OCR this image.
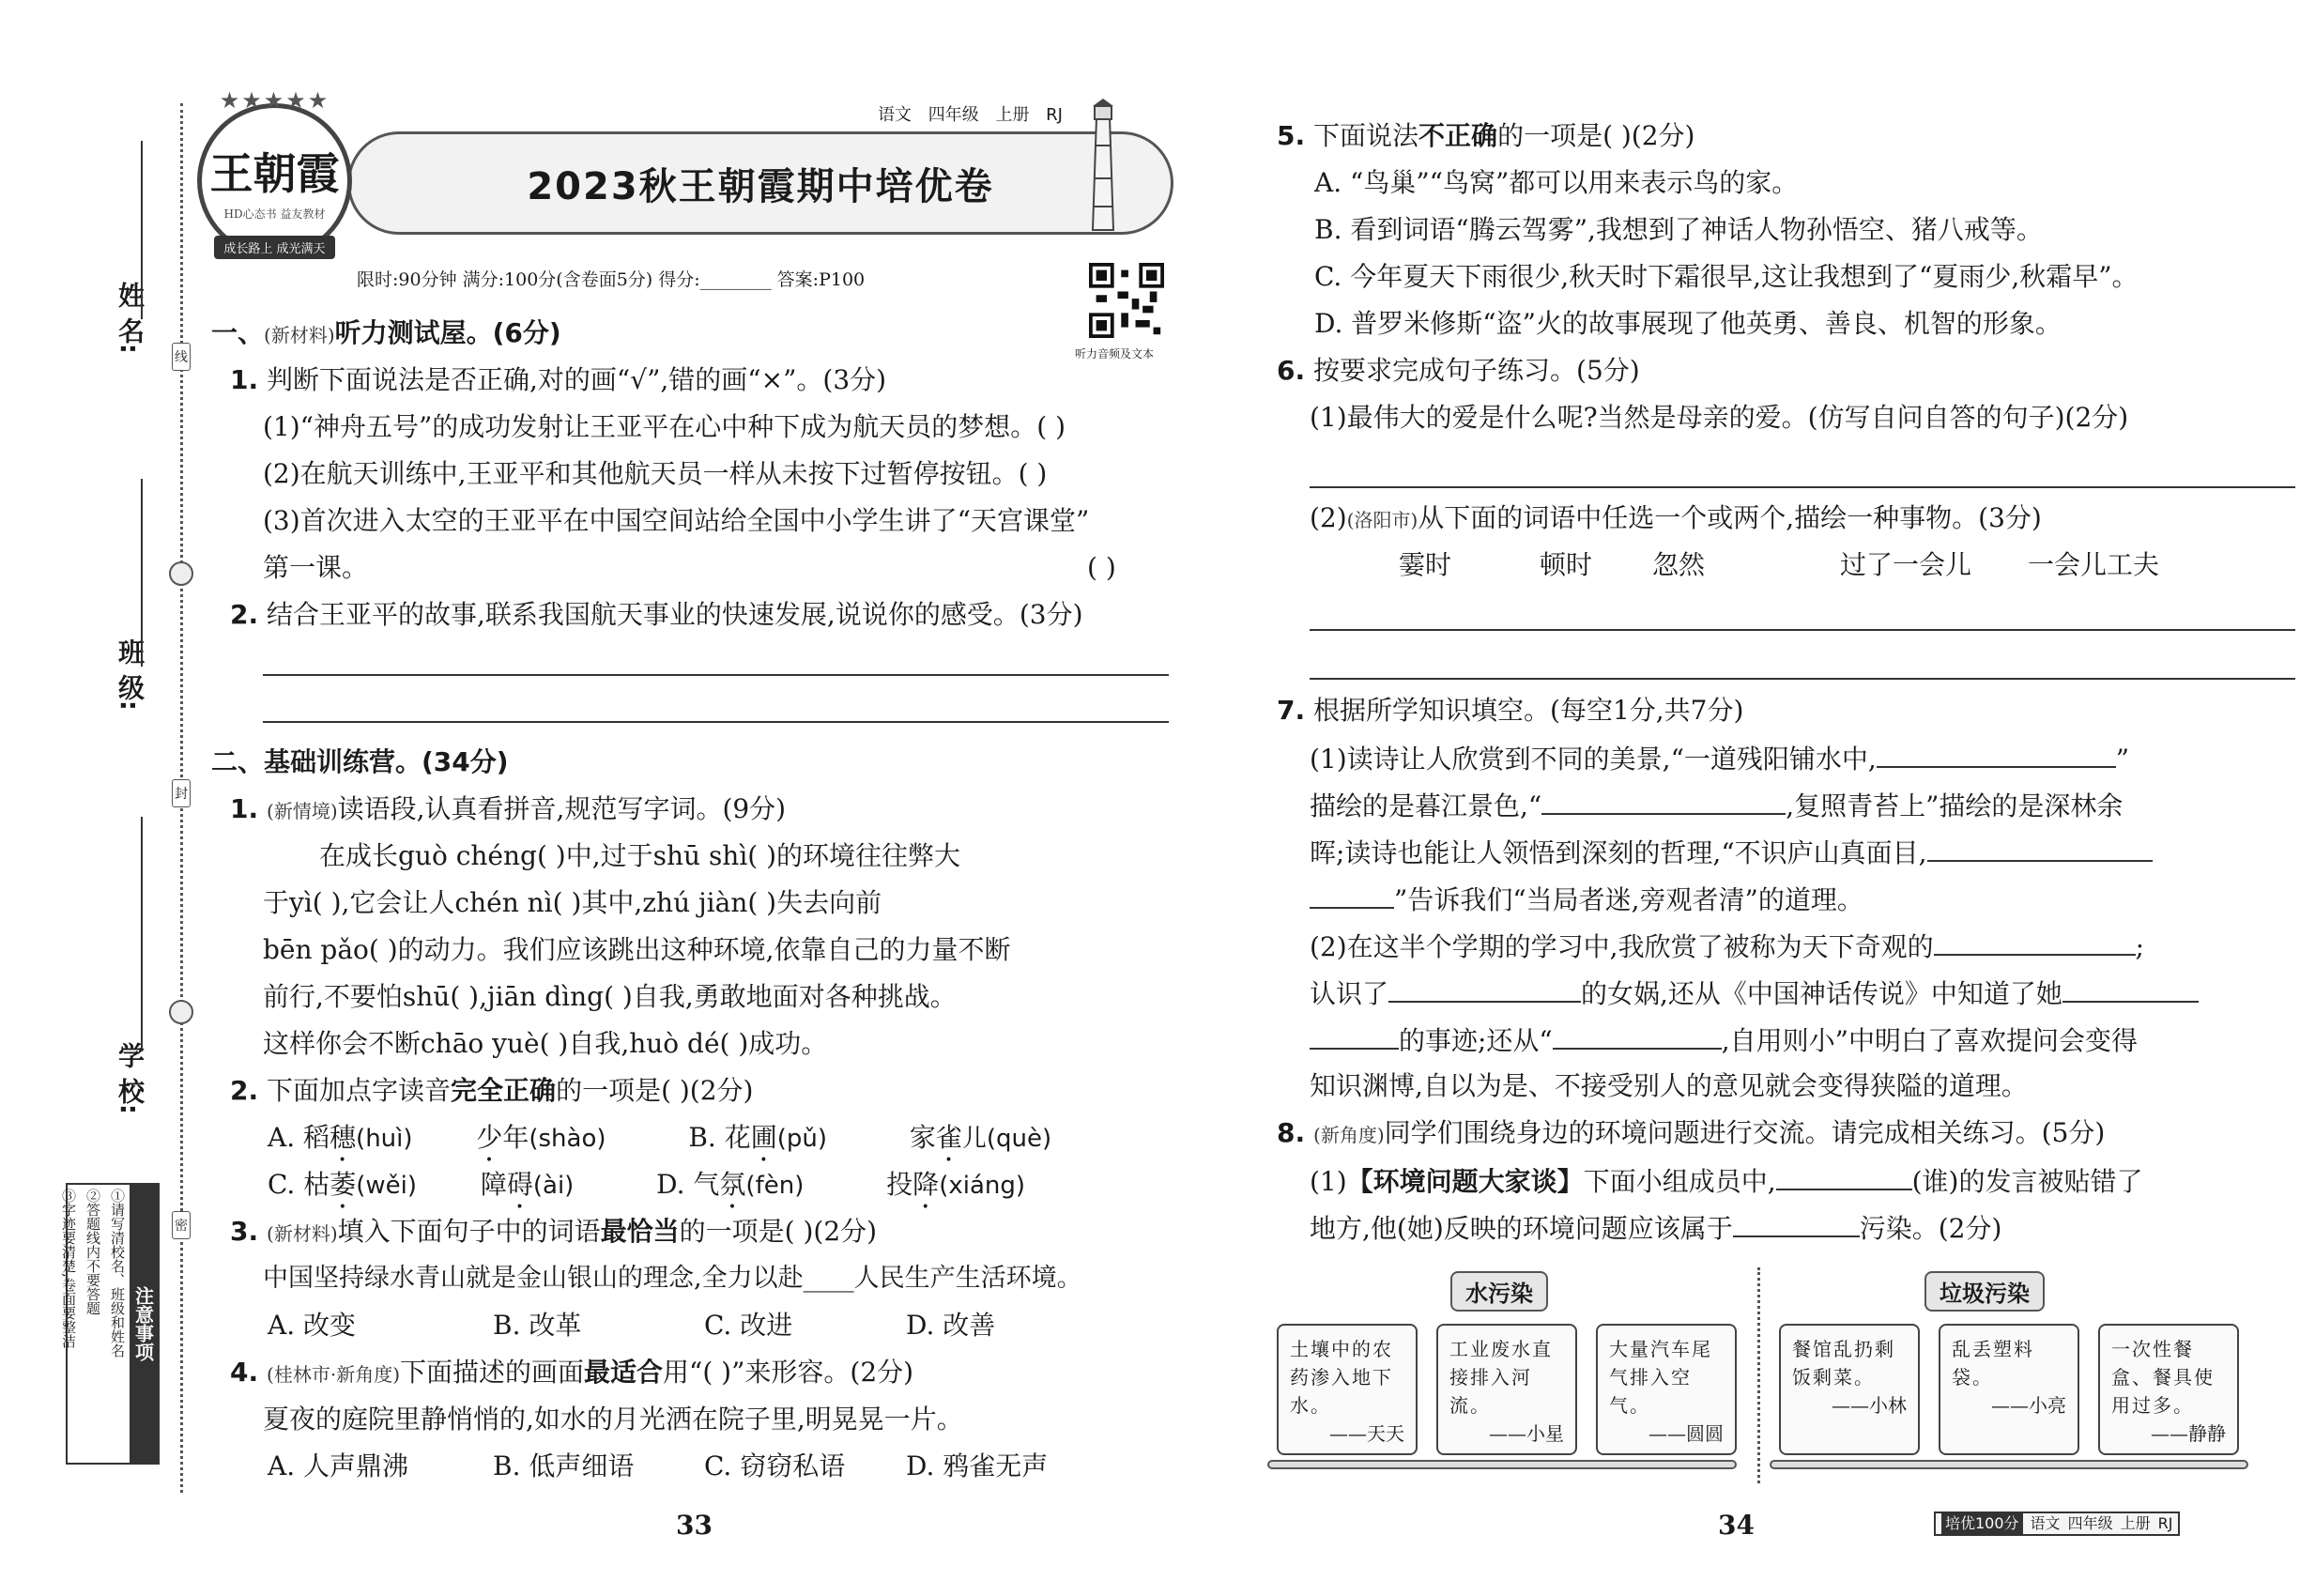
姓 名:
班 级:
学 校:
线
封
密
注意事项
①请写清校名、班级和姓名
②答题线内不要答题
③字迹要清楚,卷面要整洁
语文 四年级 上册 RJ
2023秋王朝霞期中培优卷
★★★★★
王朝霞
HD心态书 益友教材
成长路上 成光满天
限时:90分钟 满分:100分(含卷面5分) 得分:________ 答案:P100
听力音频及文本
一、(新材料)听力测试屋。(6分)
1. 判断下面说法是否正确,对的画“√”,错的画“×”。(3分)
(1)“神舟五号”的成功发射让王亚平在心中种下成为航天员的梦想。( )
(2)在航天训练中,王亚平和其他航天员一样从未按下过暂停按钮。( )
(3)首次进入太空的王亚平在中国空间站给全国中小学生讲了“天宫课堂”
第一课。	( )
2. 结合王亚平的故事,联系我国航天事业的快速发展,说说你的感受。(3分)
二、基础训练营。(34分)
1. (新情境)读语段,认真看拼音,规范写字词。(9分)
在成长guò chéng( )中,过于shū shì( )的环境往往弊大
于yì( ),它会让人chén nì( )其中,zhú jiàn( )失去向前
bēn pǎo( )的动力。我们应该跳出这种环境,依靠自己的力量不断
前行,不要怕shū( ),jiān dìng( )自我,勇敢地面对各种挑战。
这样你会不断chāo yuè( )自我,huò dé( )成功。
2. 下面加点字读音完全正确的一项是( )(2分)
A. 稻穗(huì) 少年(shào)	B. 花圃(pǔ)	家雀儿(què)
C. 枯萎(wěi) 障碍(ài)	D. 气氛(fèn)	投降(xiáng)
3. (新材料)填入下面句子中的词语最恰当的一项是( )(2分)
中国坚持绿水青山就是金山银山的理念,全力以赴____人民生产生活环境。
A. 改变	B. 改革	C. 改进	D. 改善
4. (桂林市·新角度)下面描述的画面最适合用“( )”来形容。(2分)
夏夜的庭院里静悄悄的,如水的月光洒在院子里,明晃晃一片。
A. 人声鼎沸	B. 低声细语	C. 窃窃私语 D. 鸦雀无声
33
5. 下面说法不正确的一项是( )(2分)
A. “鸟巢”“鸟窝”都可以用来表示鸟的家。
B. 看到词语“腾云驾雾”,我想到了神话人物孙悟空、猪八戒等。
C. 今年夏天下雨很少,秋天时下霜很早,这让我想到了“夏雨少,秋霜早”。
D. 普罗米修斯“盗”火的故事展现了他英勇、善良、机智的形象。
6. 按要求完成句子练习。(5分)
(1)最伟大的爱是什么呢?当然是母亲的爱。(仿写自问自答的句子)(2分)
(2)(洛阳市)从下面的词语中任选一个或两个,描绘一种事物。(3分)
霎时	顿时 忽然	过了一会儿 一会儿工夫
7. 根据所学知识填空。(每空1分,共7分)
(1)读诗让人欣赏到不同的美景,“一道残阳铺水中,	”
描绘的是暮江景色,“	,复照青苔上”描绘的是深林余
晖;读诗也能让人领悟到深刻的哲理,“不识庐山真面目,
”告诉我们“当局者迷,旁观者清”的道理。
(2)在这半个学期的学习中,我欣赏了被称为天下奇观的	;
认识了	的女娲,还从《中国神话传说》中知道了她
的事迹;还从“	,自用则小”中明白了喜欢提问会变得
知识渊博,自以为是、不接受别人的意见就会变得狭隘的道理。
8. (新角度)同学们围绕身边的环境问题进行交流。请完成相关练习。(5分)
(1)【环境问题大家谈】下面小组成员中,	(谁)的发言被贴错了
地方,他(她)反映的环境问题应该属于	污染。(2分)
水污染	垃圾污染
土壤中的农药渗入地下水。
——天天
工业废水直接排入河流。
——小星
大量汽车尾气排入空气。
——圆圆
餐馆乱扔剩饭剩菜。
——小林
乱丢塑料袋。
——小亮
一次性餐盒、餐具使用过多。
——静静
34	培优100分 语文 四年级 上册 RJ
